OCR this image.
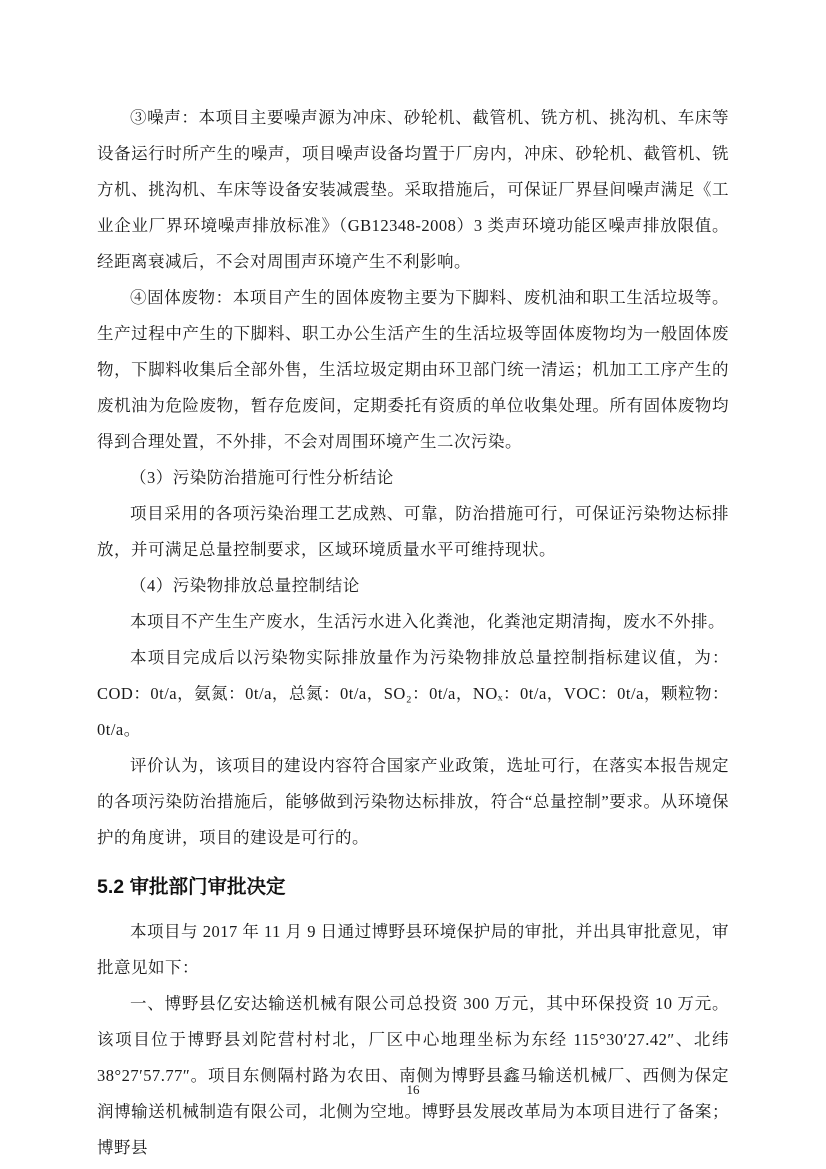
③噪声：本项目主要噪声源为冲床、砂轮机、截管机、铣方机、挑沟机、车床等设备运行时所产生的噪声，项目噪声设备均置于厂房内，冲床、砂轮机、截管机、铣方机、挑沟机、车床等设备安装减震垫。采取措施后，可保证厂界昼间噪声满足《工业企业厂界环境噪声排放标准》（GB12348-2008）3 类声环境功能区噪声排放限值。经距离衰减后，不会对周围声环境产生不利影响。

④固体废物：本项目产生的固体废物主要为下脚料、废机油和职工生活垃圾等。生产过程中产生的下脚料、职工办公生活产生的生活垃圾等固体废物均为一般固体废物，下脚料收集后全部外售，生活垃圾定期由环卫部门统一清运；机加工工序产生的废机油为危险废物，暂存危废间，定期委托有资质的单位收集处理。所有固体废物均得到合理处置，不外排，不会对周围环境产生二次污染。

（3）污染防治措施可行性分析结论

项目采用的各项污染治理工艺成熟、可靠，防治措施可行，可保证污染物达标排放，并可满足总量控制要求，区域环境质量水平可维持现状。

（4）污染物排放总量控制结论

本项目不产生生产废水，生活污水进入化粪池，化粪池定期清掏，废水不外排。

本项目完成后以污染物实际排放量作为污染物排放总量控制指标建议值，为：COD：0t/a，氨氮：0t/a，总氮：0t/a，SO₂：0t/a，NOₓ：0t/a，VOC：0t/a，颗粒物：0t/a。

评价认为，该项目的建设内容符合国家产业政策，选址可行，在落实本报告规定的各项污染防治措施后，能够做到污染物达标排放，符合“总量控制”要求。从环境保护的角度讲，项目的建设是可行的。

5.2 审批部门审批决定

本项目与 2017 年 11 月 9 日通过博野县环境保护局的审批，并出具审批意见，审批意见如下：

一、博野县亿安达输送机械有限公司总投资 300 万元，其中环保投资 10 万元。该项目位于博野县刘陀营村村北，厂区中心地理坐标为东经 115°30′27.42″、北纬 38°27′57.77″。项目东侧隔村路为农田、南侧为博野县鑫马输送机械厂、西侧为保定润博输送机械制造有限公司，北侧为空地。博野县发展改革局为本项目进行了备案；博野县

16
